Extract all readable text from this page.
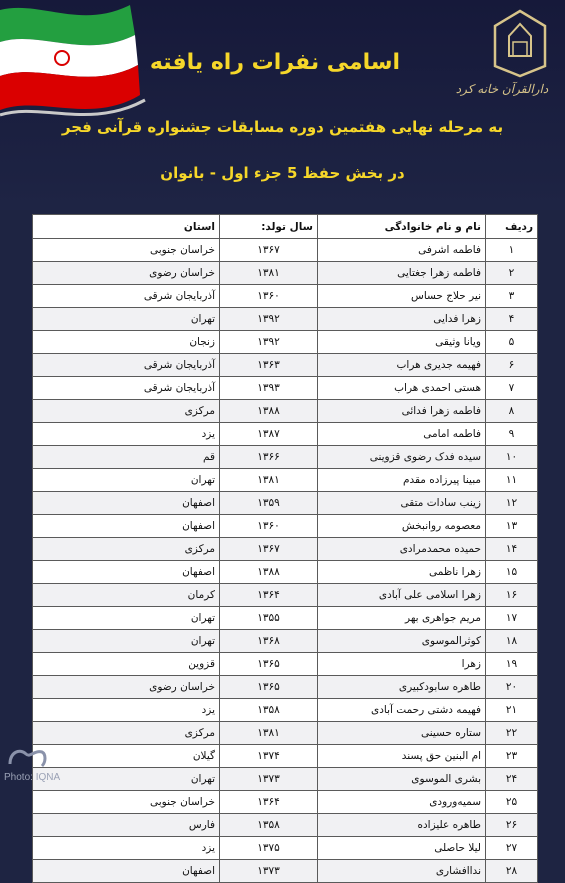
دارالقرآن خانه کرد
اسامی نفرات راه یافته
به مرحله نهایی هفتمین دوره مسابقات جشنواره قرآنی فجر
در بخش حفظ 5 جزء اول - بانوان
ردیف	نام و نام خانوادگی	سال تولد:	استان
۱	فاطمه اشرفی	۱۳۶۷	خراسان جنوبی
۲	فاطمه زهرا جغتایی	۱۳۸۱	خراسان رضوی
۳	نیر حلاج حساس	۱۳۶۰	آذربایجان شرقی
۴	زهرا فدایی	۱۳۹۲	تهران
۵	ویانا وثیقی	۱۳۹۲	زنجان
۶	فهیمه جدیری هراب	۱۳۶۳	آذربایجان شرقی
۷	هستی احمدی هراب	۱۳۹۳	آذربایجان شرقی
۸	فاطمه زهرا فدائی	۱۳۸۸	مرکزی
۹	فاطمه امامی	۱۳۸۷	یزد
۱۰	سیده فدک رضوی قزوینی	۱۳۶۶	قم
۱۱	مبینا پیرزاده مقدم	۱۳۸۱	تهران
۱۲	زینب سادات متقی	۱۳۵۹	اصفهان
۱۳	معصومه روانبخش	۱۳۶۰	اصفهان
۱۴	حمیده محمدمرادی	۱۳۶۷	مرکزی
۱۵	زهرا ناظمی	۱۳۸۸	اصفهان
۱۶	زهرا اسلامی علی آبادی	۱۳۶۴	کرمان
۱۷	مریم جواهری بهر	۱۳۵۵	تهران
۱۸	کوثرالموسوی	۱۳۶۸	تهران
۱۹	زهرا	۱۳۶۵	قزوین
۲۰	طاهره سابودکبیری	۱۳۶۵	خراسان رضوی
۲۱	فهیمه دشتی رحمت آبادی	۱۳۵۸	یزد
۲۲	ستاره حسینی	۱۳۸۱	مرکزی
۲۳	ام البنین حق پسند	۱۳۷۴	گیلان
۲۴	بشری الموسوی	۱۳۷۳	تهران
۲۵	سمیه‌ورودی	۱۳۶۴	خراسان جنوبی
۲۶	طاهره علیزاده	۱۳۵۸	فارس
۲۷	لیلا حاصلی	۱۳۷۵	یزد
۲۸	نداافشاری	۱۳۷۳	اصفهان
Photo: IQNA
